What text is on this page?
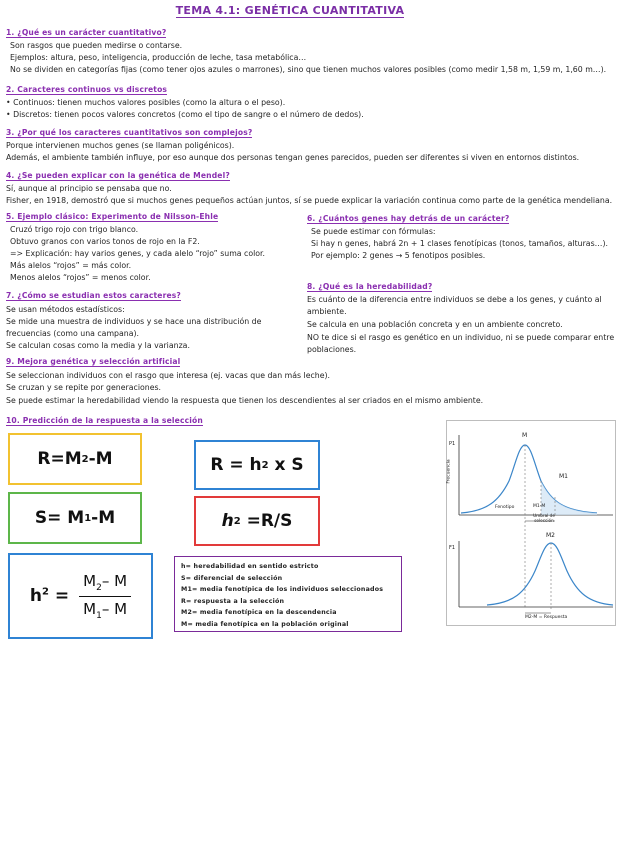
TEMA 4.1: GENÉTICA CUANTITATIVA
1. ¿Qué es un carácter cuantitativo?
Son rasgos que pueden medirse o contarse.
Ejemplos: altura, peso, inteligencia, producción de leche, tasa metabólica…
No se dividen en categorías fijas (como tener ojos azules o marrones), sino que tienen muchos valores posibles (como medir 1,58 m, 1,59 m, 1,60 m…).
2. Caracteres continuos vs discretos
• Continuos: tienen muchos valores posibles (como la altura o el peso).
• Discretos: tienen pocos valores concretos (como el tipo de sangre o el número de dedos).
3. ¿Por qué los caracteres cuantitativos son complejos?
Porque intervienen muchos genes (se llaman poligénicos).
Además, el ambiente también influye, por eso aunque dos personas tengan genes parecidos, pueden ser diferentes si viven en entornos distintos.
4. ¿Se pueden explicar con la genética de Mendel?
Sí, aunque al principio se pensaba que no.
Fisher, en 1918, demostró que si muchos genes pequeños actúan juntos, sí se puede explicar la variación continua como parte de la genética mendeliana.
5. Ejemplo clásico: Experimento de Nilsson-Ehle
Cruzó trigo rojo con trigo blanco.
Obtuvo granos con varios tonos de rojo en la F2.
=> Explicación: hay varios genes, y cada alelo “rojo” suma color.
Más alelos “rojos” = más color.
Menos alelos “rojos” = menos color.
6. ¿Cuántos genes hay detrás de un carácter?
Se puede estimar con fórmulas:
Si hay n genes, habrá 2n + 1 clases fenotípicas (tonos, tamaños, alturas…).
Por ejemplo: 2 genes → 5 fenotipos posibles.
7. ¿Cómo se estudian estos caracteres?
Se usan métodos estadísticos:
Se mide una muestra de individuos y se hace una distribución de
frecuencias (como una campana).
Se calculan cosas como la media y la varianza.
8. ¿Qué es la heredabilidad?
Es cuánto de la diferencia entre individuos se debe a los genes, y cuánto al
ambiente.
Se calcula en una población concreta y en un ambiente concreto.
NO te dice si el rasgo es genético en un individuo, ni se puede comparar entre
poblaciones.
9. Mejora genética y selección artificial
Se seleccionan individuos con el rasgo que interesa (ej. vacas que dan más leche).
Se cruzan y se repite por generaciones.
Se puede estimar la heredabilidad viendo la respuesta que tienen los descendientes al ser criados en el mismo ambiente.
10. Predicción de la respuesta a la selección
R=M 2 -M	R = h 2 x S
S= M 1 -M	h 2 =R/S
$h^2 = \frac{M_2- M}{M_1- M}$
h= heredabilidad en sentido estricto
S= diferencial de selección
M1= media fenotípica de los individuos seleccionados
R= respuesta a la selección
M2= media fenotípica en la descendencia
M= media fenotípica en la población original
P1
Frecuencia
M
M1
Fenotipo	M1-M
Umbral de selección
F1
M2
M2-M = Respuesta
